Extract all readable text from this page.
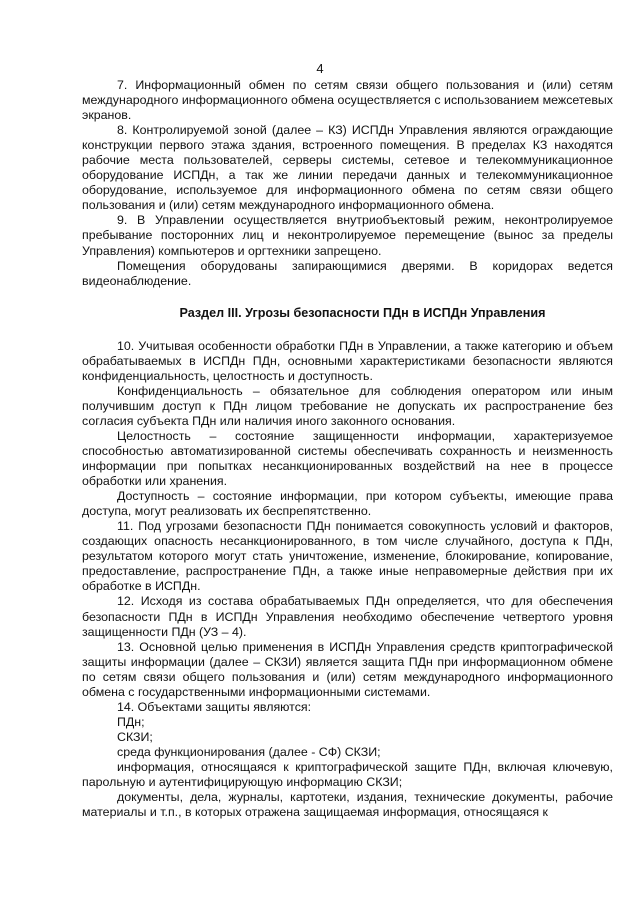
4

7. Информационный обмен по сетям связи общего пользования и (или) сетям международного информационного обмена осуществляется с использованием межсетевых экранов.

8. Контролируемой зоной (далее – КЗ) ИСПДн Управления являются ограждающие конструкции первого этажа здания, встроенного помещения. В пределах КЗ находятся рабочие места пользователей, серверы системы, сетевое и телекоммуникационное оборудование ИСПДн, а так же линии передачи данных и телекоммуникационное оборудование, используемое для информационного обмена по сетям связи общего пользования и (или) сетям международного информационного обмена.

9. В Управлении осуществляется внутриобъектовый режим, неконтролируемое пребывание посторонних лиц и неконтролируемое перемещение (вынос за пределы Управления) компьютеров и оргтехники запрещено.

Помещения оборудованы запирающимися дверями. В коридорах ведется видеонаблюдение.

Раздел III. Угрозы безопасности ПДн в ИСПДн Управления

10. Учитывая особенности обработки ПДн в Управлении, а также категорию и объем обрабатываемых в ИСПДн ПДн, основными характеристиками безопасности являются конфиденциальность, целостность и доступность.

Конфиденциальность – обязательное для соблюдения оператором или иным получившим доступ к ПДн лицом требование не допускать их распространение без согласия субъекта ПДн или наличия иного законного основания.

Целостность – состояние защищенности информации, характеризуемое способностью автоматизированной системы обеспечивать сохранность и неизменность информации при попытках несанкционированных воздействий на нее в процессе обработки или хранения.

Доступность – состояние информации, при котором субъекты, имеющие права доступа, могут реализовать их беспрепятственно.

11. Под угрозами безопасности ПДн понимается совокупность условий и факторов, создающих опасность несанкционированного, в том числе случайного, доступа к ПДн, результатом которого могут стать уничтожение, изменение, блокирование, копирование, предоставление, распространение ПДн, а также иные неправомерные действия при их обработке в ИСПДн.

12. Исходя из состава обрабатываемых ПДн определяется, что для обеспечения безопасности ПДн в ИСПДн Управления необходимо обеспечение четвертого уровня защищенности ПДн (УЗ – 4).

13. Основной целью применения в ИСПДн Управления средств криптографической защиты информации (далее – СКЗИ) является защита ПДн при информационном обмене по сетям связи общего пользования и (или) сетям международного информационного обмена с государственными информационными системами.

14. Объектами защиты являются:

ПДн;

СКЗИ;

среда функционирования (далее - СФ) СКЗИ;

информация, относящаяся к криптографической защите ПДн, включая ключевую, парольную и аутентифицирующую информацию СКЗИ;

документы, дела, журналы, картотеки, издания, технические документы, рабочие материалы и т.п., в которых отражена защищаемая информация, относящаяся к
